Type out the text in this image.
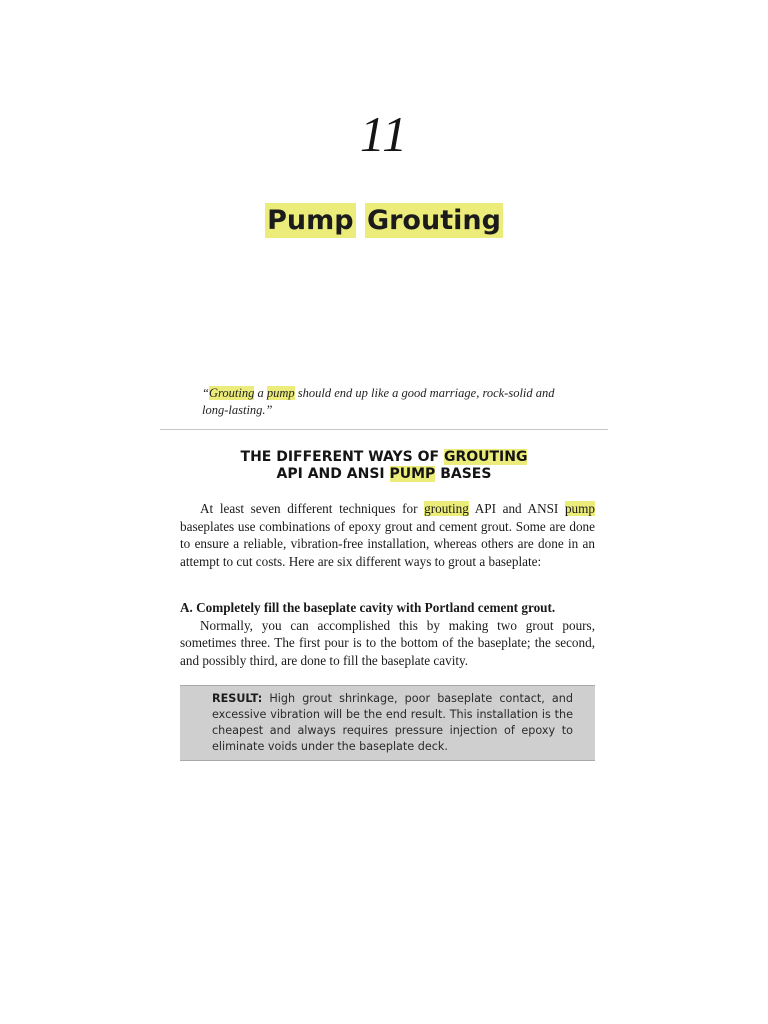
11
Pump Grouting
“Grouting a pump should end up like a good marriage, rock-solid and long-lasting.”
THE DIFFERENT WAYS OF GROUTING
API AND ANSI PUMP BASES
At least seven different techniques for grouting API and ANSI pump baseplates use combinations of epoxy grout and cement grout. Some are done to ensure a reliable, vibration-free installation, whereas others are done in an attempt to cut costs. Here are six different ways to grout a baseplate:

A. Completely fill the baseplate cavity with Portland cement grout.

Normally, you can accomplished this by making two grout pours, sometimes three. The first pour is to the bottom of the baseplate; the second, and possibly third, are done to fill the baseplate cavity.

RESULT: High grout shrinkage, poor baseplate contact, and excessive vibration will be the end result. This installation is the cheapest and always requires pressure injection of epoxy to eliminate voids under the baseplate deck.
